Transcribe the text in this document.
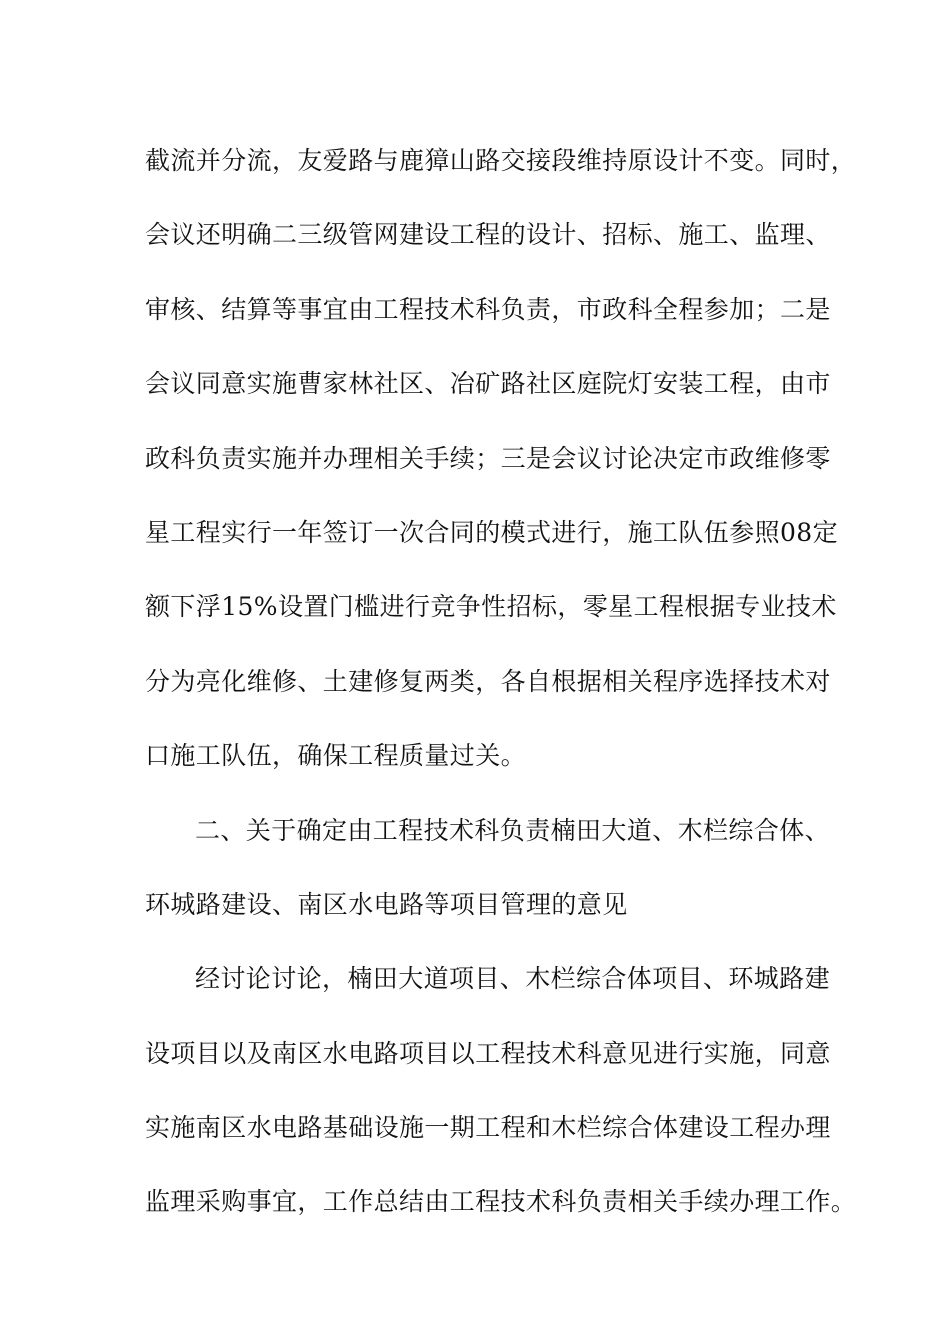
截流并分流，友爱路与鹿獐山路交接段维持原设计不变。同时，
会议还明确二三级管网建设工程的设计、招标、施工、监理、
审核、结算等事宜由工程技术科负责，市政科全程参加；二是
会议同意实施曹家林社区、冶矿路社区庭院灯安装工程，由市
政科负责实施并办理相关手续；三是会议讨论决定市政维修零
星工程实行一年签订一次合同的模式进行，施工队伍参照08定
额下浮15%设置门槛进行竞争性招标，零星工程根据专业技术
分为亮化维修、土建修复两类，各自根据相关程序选择技术对
口施工队伍，确保工程质量过关。
二、关于确定由工程技术科负责楠田大道、木栏综合体、
环城路建设、南区水电路等项目管理的意见
经讨论讨论，楠田大道项目、木栏综合体项目、环城路建
设项目以及南区水电路项目以工程技术科意见进行实施，同意
实施南区水电路基础设施一期工程和木栏综合体建设工程办理
监理采购事宜，工作总结由工程技术科负责相关手续办理工作。
